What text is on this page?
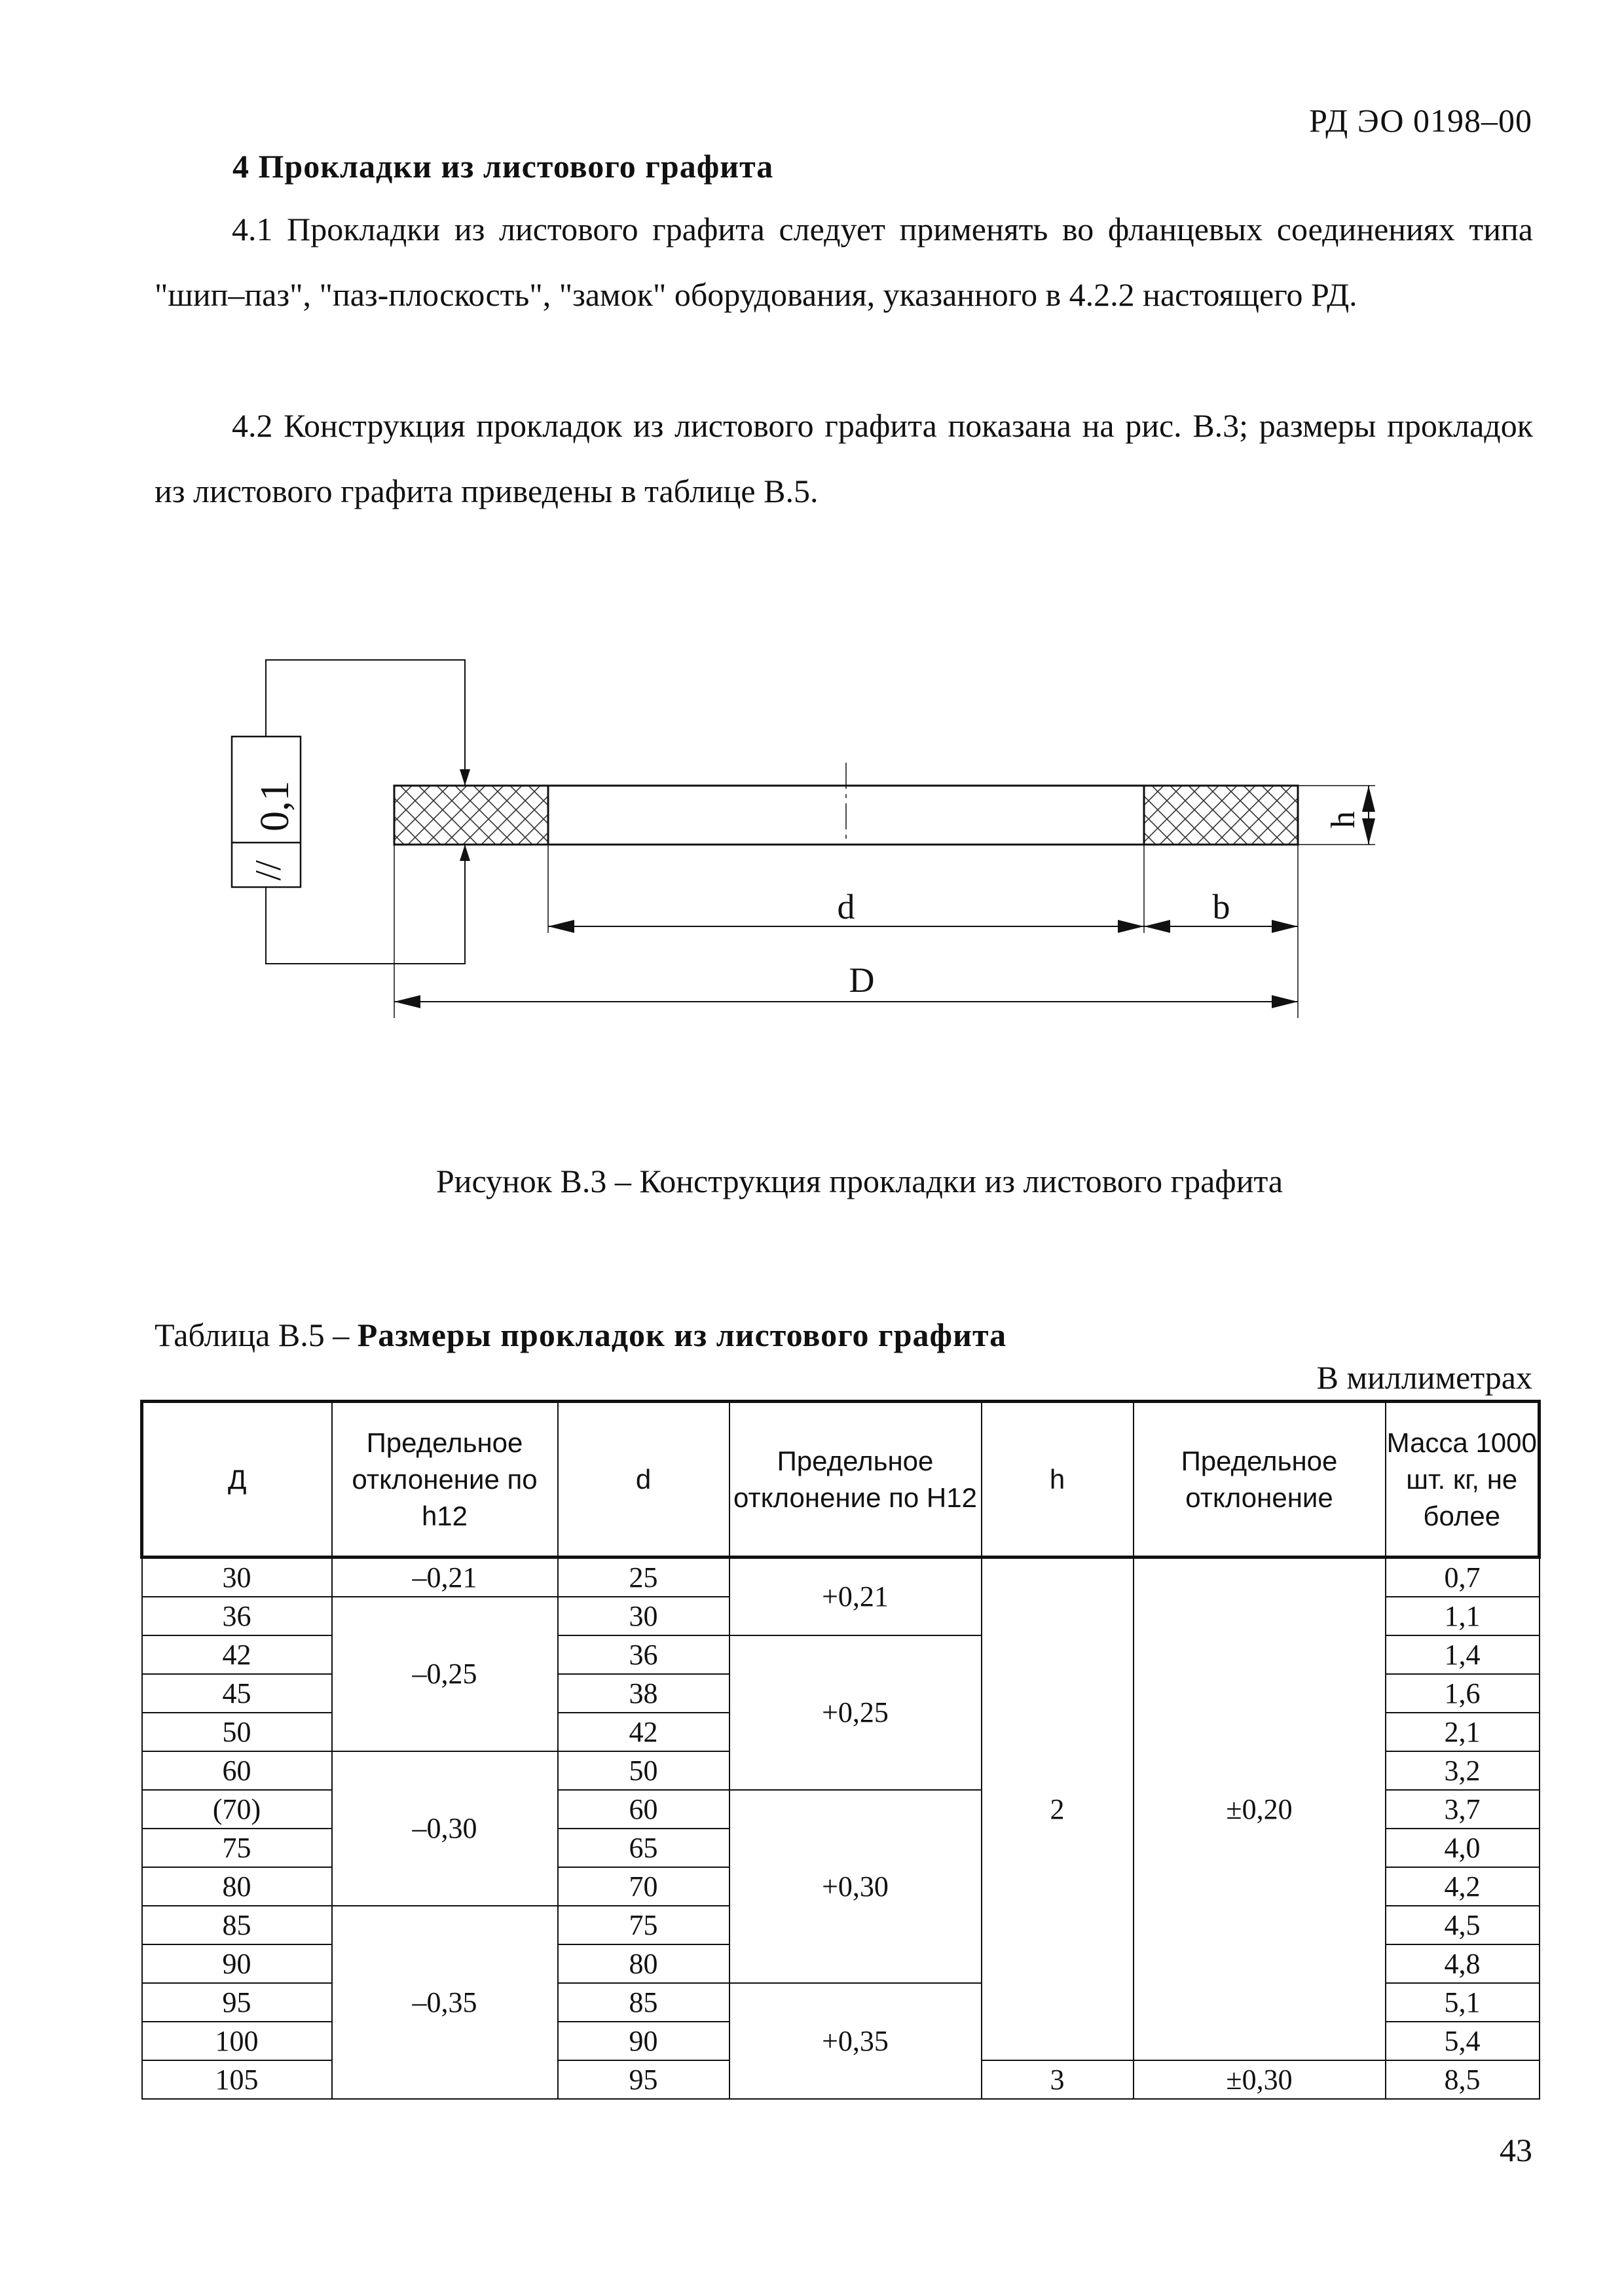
РД ЭО 0198–00
4 Прокладки из листового графита

4.1 Прокладки из листового графита следует применять во фланцевых соединениях типа "шип–паз", "паз-плоскость", "замок" оборудования, указанного в 4.2.2 настоящего РД.

4.2 Конструкция прокладок из листового графита показана на рис. В.3; размеры прокладок из листового графита приведены в таблице В.5.

//
0,1	h
d	b
D
Рисунок В.3 – Конструкция прокладки из листового графита
Таблица В.5 – Размеры прокладок из листового графита
В миллиметрах
Д	Предельное отклонение по h12	d	Предельное отклонение по Н12	h	Предельное отклонение	Масса 1000 шт. кг, не более
30	–0,21	25	+0,21	2	±0,20	0,7
36	–0,25	30				1,1
42		36	+0,25			1,4
45		38				1,6
50		42				2,1
60	–0,30	50				3,2
(70)		60	+0,30			3,7
75		65				4,0
80		70				4,2
85	–0,35	75				4,5
90		80				4,8
95		85	+0,35			5,1
100		90				5,4
105		95		3	±0,30	8,5
43
